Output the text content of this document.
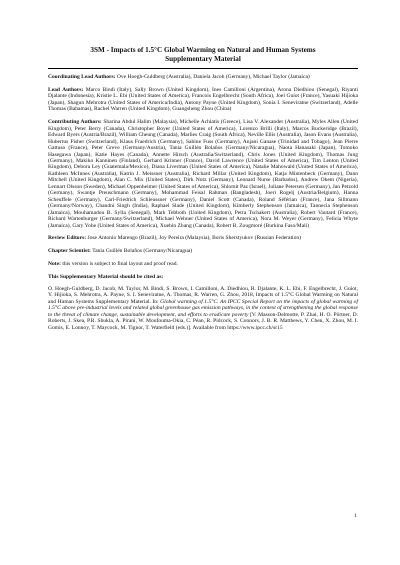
3SM - Impacts of 1.5°C Global Warming on Natural and Human Systems
Supplementary Material

Coordinating Lead Authors: Ove Hoegh-Guldberg (Australia), Daniela Jacob (Germany), Michael Taylor (Jamaica)

Lead Authors: Marco Bindi (Italy), Sally Brown (United Kingdom), Ines Camilloni (Argentina), Arona Diedhiou (Senegal), Riyanti Djalante (Indonesia), Kristie L. Ebi (United States of America), Francois Engelbrecht (South Africa), Joel Guiot (France), Yasuaki Hijioka (Japan), Shagun Mehrotra (United States of America/India), Antony Payne (United Kingdom), Sonia I. Seneviratne (Switzerland), Adelle Thomas (Bahamas), Rachel Warren (United Kingdom), Guangsheng Zhou (China)

Contributing Authors: Sharina Abdul Halim (Malaysia), Michelle Achlatis (Greece), Lisa V. Alexander (Australia), Myles Allen (United Kingdom), Peter Berry (Canada), Christopher Boyer (United States of America), Lorenzo Brilli (Italy), Marcos Buckeridge (Brazil), Edward Byers (Austria/Brazil), William Cheung (Canada), Marlies Craig (South Africa), Neville Ellis (Australia), Jason Evans (Australia), Hubertus Fisher (Switzerland), Klaus Fraedrich (Germany), Sabine Fuss (Germany), Anjani Ganase (Trinidad and Tobago), Jean Pierre Gattuso (France), Peter Greve (Germany/Austria), Tania Guillén Bolaños (Germany/Nicaragua), Naota Hanasaki (Japan), Tomoko Hasegawa (Japan), Katie Hayes (Canada), Annette Hirsch (Australia/Switzerland), Chris Jones (United Kingdom), Thomas Jung (Germany), Makiko Kanninen (Finland), Gerhard Krinner (France), David Lawrence (United States of America), Tim Lenton (United Kingdom), Debora Ley (Guatemala/Mexico), Diana Liverman (United States of America), Natalie Mahowald (United States of America), Kathleen McInnes (Australia), Katrin J. Meissner (Australia), Richard Millar (United Kingdom), Katja Mintenbeck (Germany), Dann Mitchell (United Kingdom), Alan C. Mix (United States), Dirk Notz (Germany), Leonard Nurse (Barbados), Andrew Okem (Nigeria), Lennart Olsson (Sweden), Michael Oppenheimer (United States of America), Shlomit Paz (Israel), Juliane Petersen (Germany), Jan Petzold (Germany), Swantje Preuschmann (Germany), Mohammad Feisal Rahman (Bangladesh), Joeri Rogelj (Austria/Belgium), Hanna Scheuffele (Germany), Carl-Friedrich Schleussner (Germany), Daniel Scott (Canada), Roland Séférian (France), Jana Sillmann (Germany/Norway), Chandni Singh (India), Raphael Slade (United Kingdom), Kimberly Stephenson (Jamaica), Tannecia Stephenson (Jamaica), Mouhamadou B. Sylla (Senegal), Mark Tebboth (United Kingdom), Petra Tschakert (Australia), Robert Vautard (France), Richard Wartenburger (Germany/Switzerland), Michael Wehner (United States of America), Nora M. Weyer (Germany), Felicia Whyte (Jamaica), Gary Yohe (United States of America), Xuebin Zhang (Canada), Robert B. Zougmoré (Burkina Faso/Mali)

Review Editors: Jose Antonio Marengo (Brazil), Joy Pereira (Malaysia), Boris Sherstyukov (Russian Federation)

Chapter Scientist: Tania Guillén Bolaños (Germany/Nicaragua)

Note: this version is subject to final layout and proof read.

This Supplementary Material should be cited as:

O. Hoegh-Guldberg, D. Jacob, M. Taylor, M. Bindi, S. Brown, I. Camilloni, A. Diedhiou, R. Djalante, K. L. Ebi, F. Engelbrecht, J. Guiot, Y. Hijioka, S. Mehrotra, A. Payne, S. I. Seneviratne, A. Thomas, R. Warren, G. Zhou, 2018, Impacts of 1.5°C Global Warming on Natural and Human Systems Supplementary Material. In: Global warming of 1.5°C. An IPCC Special Report on the impacts of global warming of 1.5°C above pre-industrial levels and related global greenhouse gas emission pathways, in the context of strengthening the global response to the threat of climate change, sustainable development, and efforts to eradicate poverty [V. Masson-Delmotte, P. Zhai, H. O. Pörtner, D. Roberts, J. Skea, P.R. Shukla, A. Pirani, W. Moufouma-Okia, C. Péan, R. Pidcock, S. Connors, J. B. R. Matthews, Y. Chen, X. Zhou, M. I. Gomis, E. Lonnoy, T. Maycock, M. Tignor, T. Waterfield (eds.)]. Available from https://www.ipcc.ch/sr15

1
